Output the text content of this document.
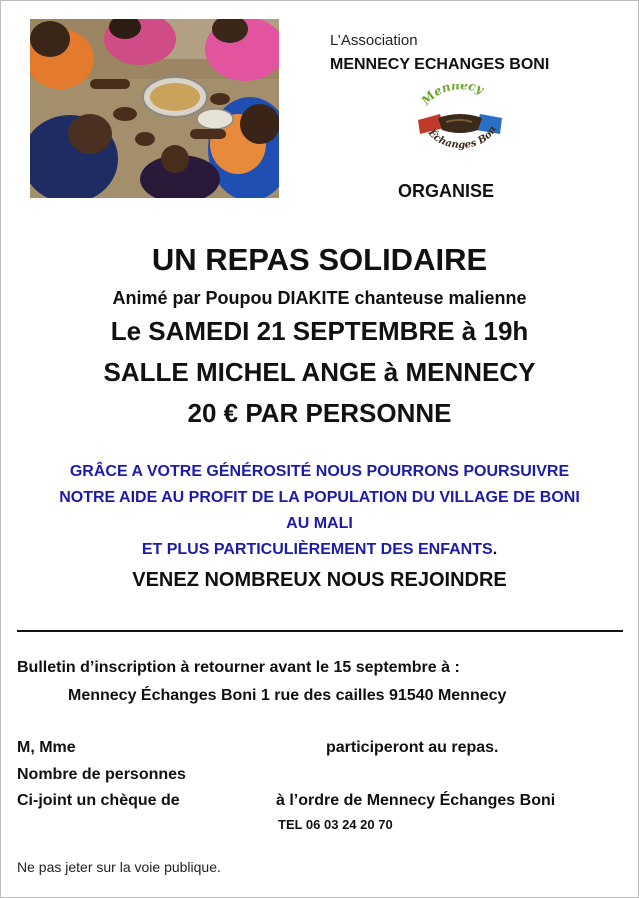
L’Association
MENNECY ECHANGES BONI
Mennecy
Échanges Bon
ORGANISE
UN REPAS SOLIDAIRE
Animé par Poupou DIAKITE chanteuse malienne
Le SAMEDI 21 SEPTEMBRE à 19h
SALLE MICHEL ANGE à MENNECY
20 € PAR PERSONNE
GRÂCE A VOTRE GÉNÉROSITÉ NOUS POURRONS POURSUIVRE
NOTRE AIDE AU PROFIT DE LA POPULATION DU VILLAGE DE BONI
AU MALI
ET PLUS PARTICULIÈREMENT DES ENFANTS.
VENEZ NOMBREUX NOUS REJOINDRE
Bulletin d’inscription à retourner avant le 15 septembre à :
Mennecy Échanges Boni 1 rue des cailles 91540 Mennecy
M, Mme	participeront au repas.
Nombre de personnes
Ci-joint un chèque de	à l’ordre de Mennecy Échanges Boni
TEL 06 03 24 20 70
Ne pas jeter sur la voie publique.
